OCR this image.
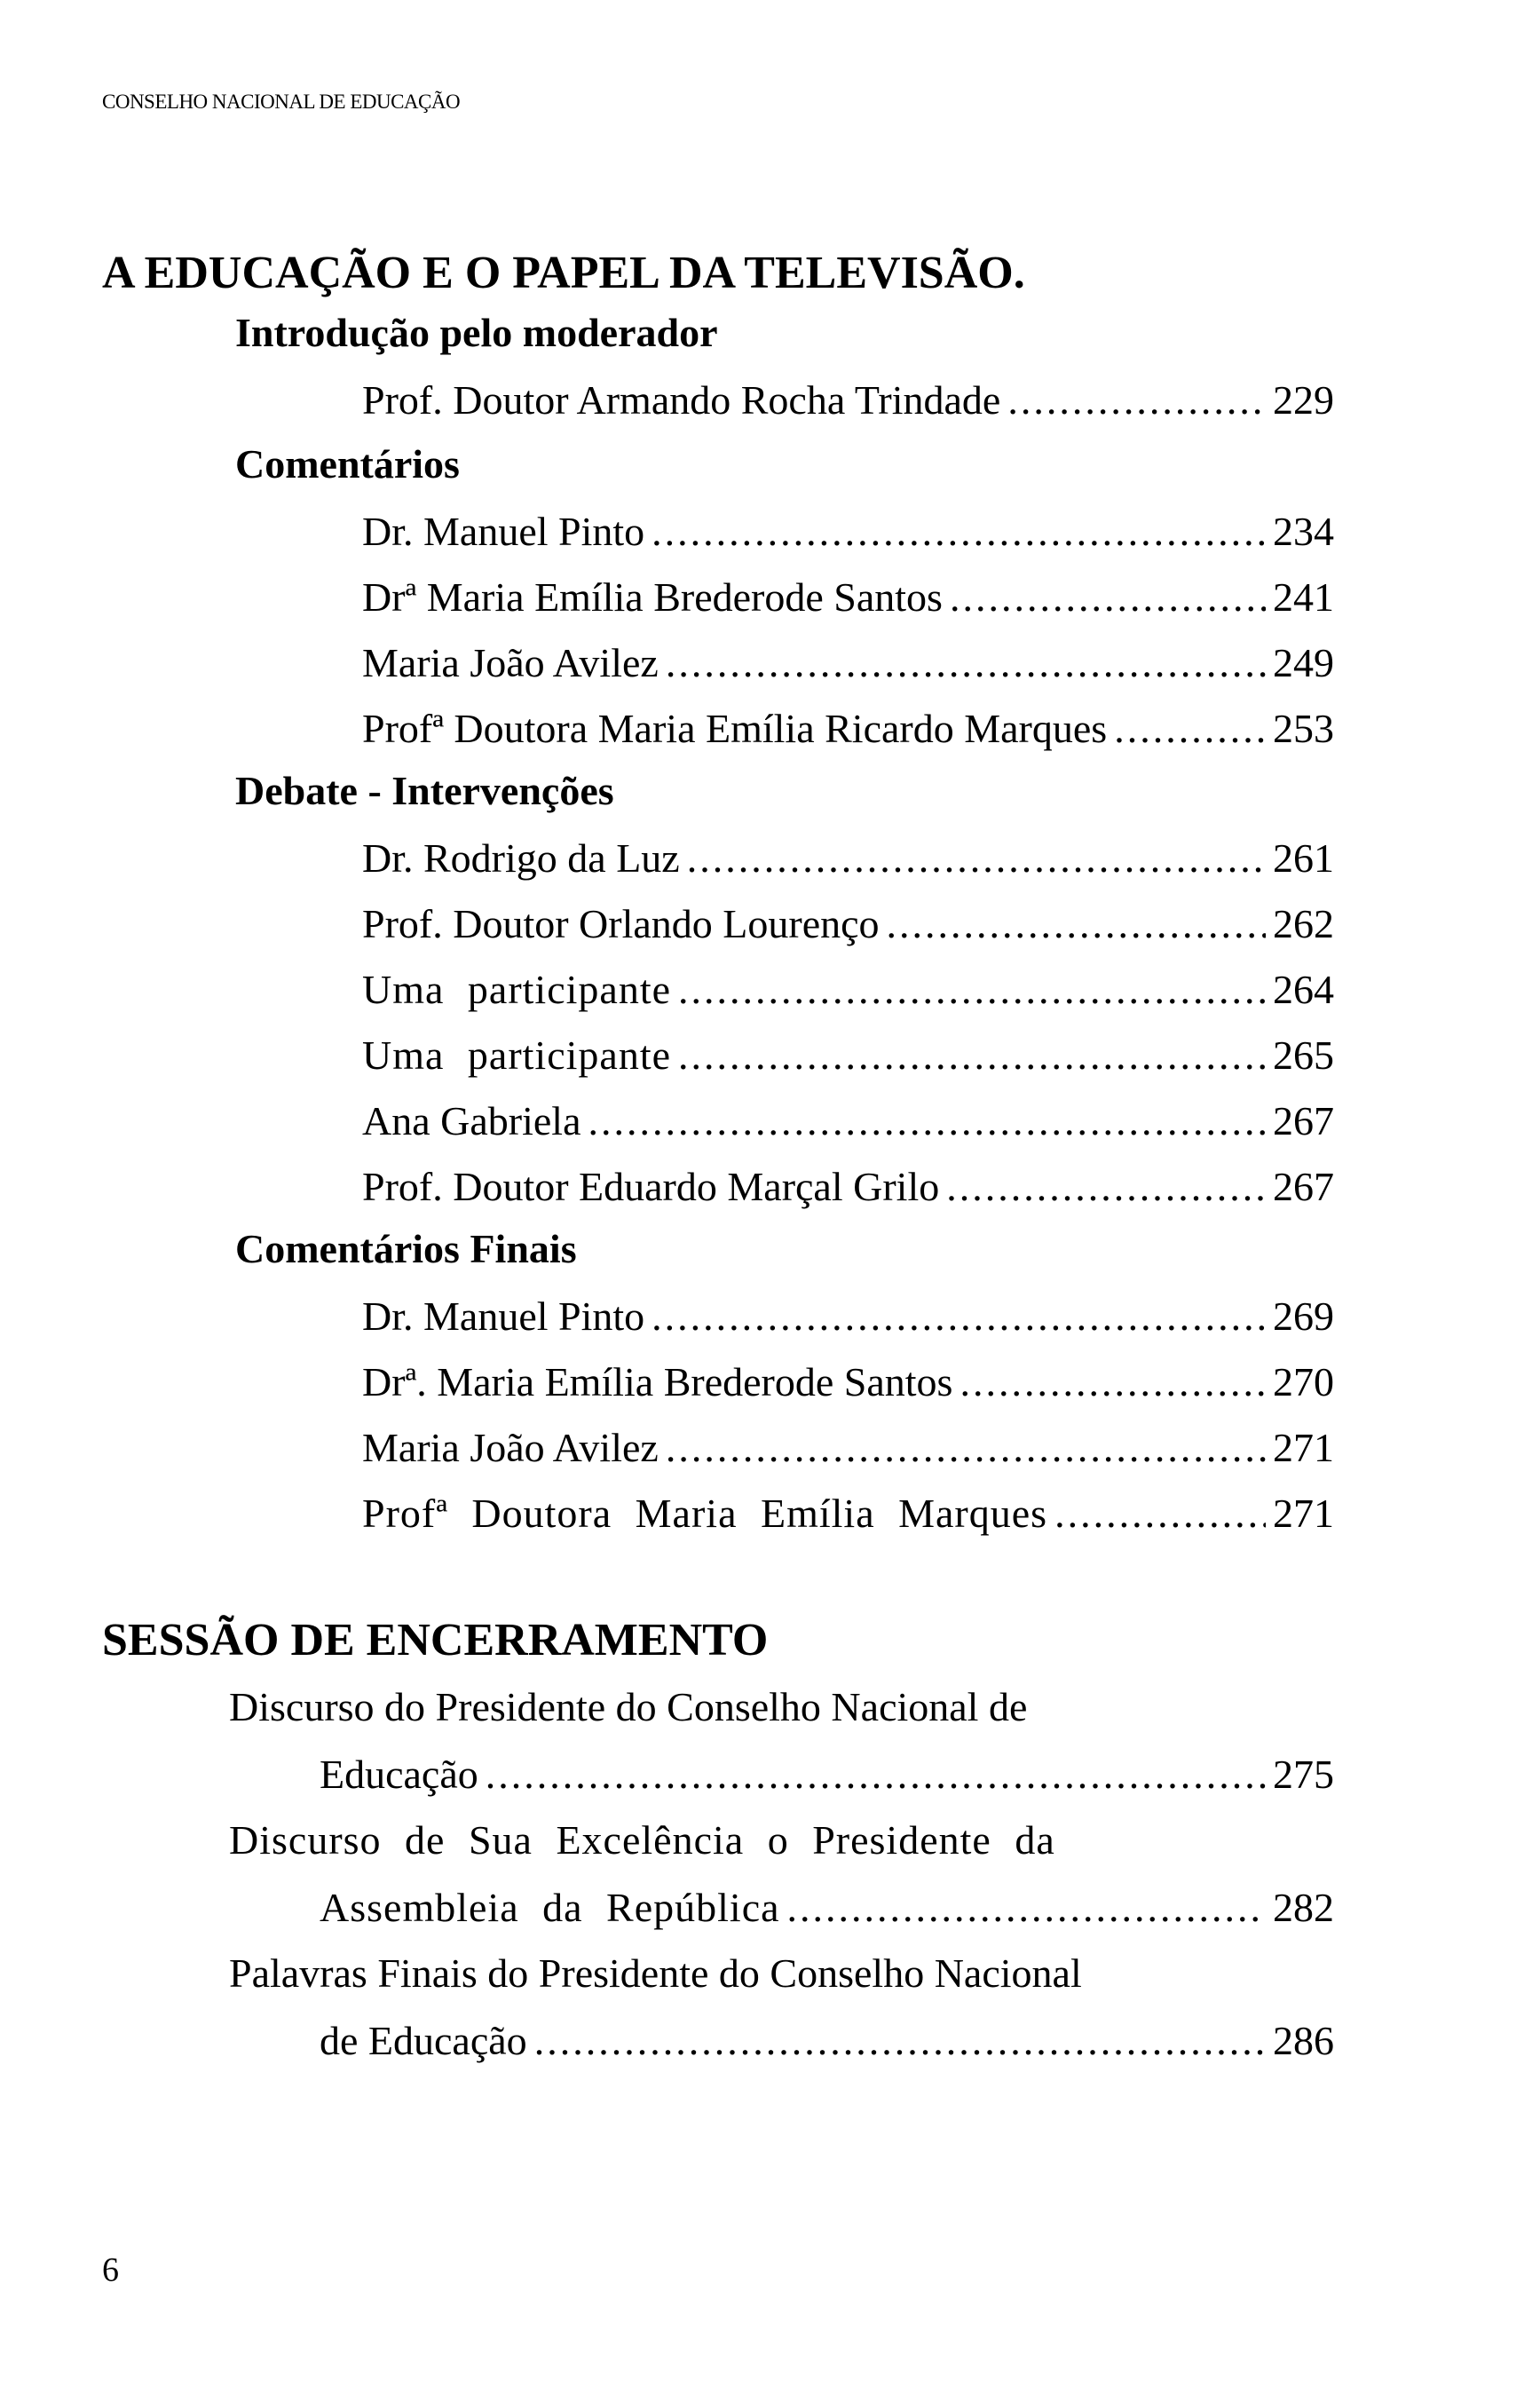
CONSELHO NACIONAL DE EDUCAÇÃO
A EDUCAÇÃO E O PAPEL DA TELEVISÃO.
Introdução pelo moderador
Prof. Doutor Armando Rocha Trindade .....	229
Comentários
Dr. Manuel Pinto .....	234
Drª Maria Emília Brederode Santos .....	241
Maria João Avilez .....	249
Profª Doutora Maria Emília Ricardo Marques .....	253
Debate - Intervenções
Dr. Rodrigo da Luz .....	261
Prof. Doutor Orlando Lourenço .....	262
Uma participante .....	264
Uma participante .....	265
Ana Gabriela .....	267
Prof. Doutor Eduardo Marçal Grilo .....	267
Comentários Finais
Dr. Manuel Pinto .....	269
Drª. Maria Emília Brederode Santos .....	270
Maria João Avilez .....	271
Profª Doutora Maria Emília Marques .....	271
SESSÃO DE ENCERRAMENTO
Discurso do Presidente do Conselho Nacional de
Educação .....	275
Discurso de Sua Excelência o Presidente da
Assembleia da República .....	282
Palavras Finais do Presidente do Conselho Nacional
de Educação .....	286
6
